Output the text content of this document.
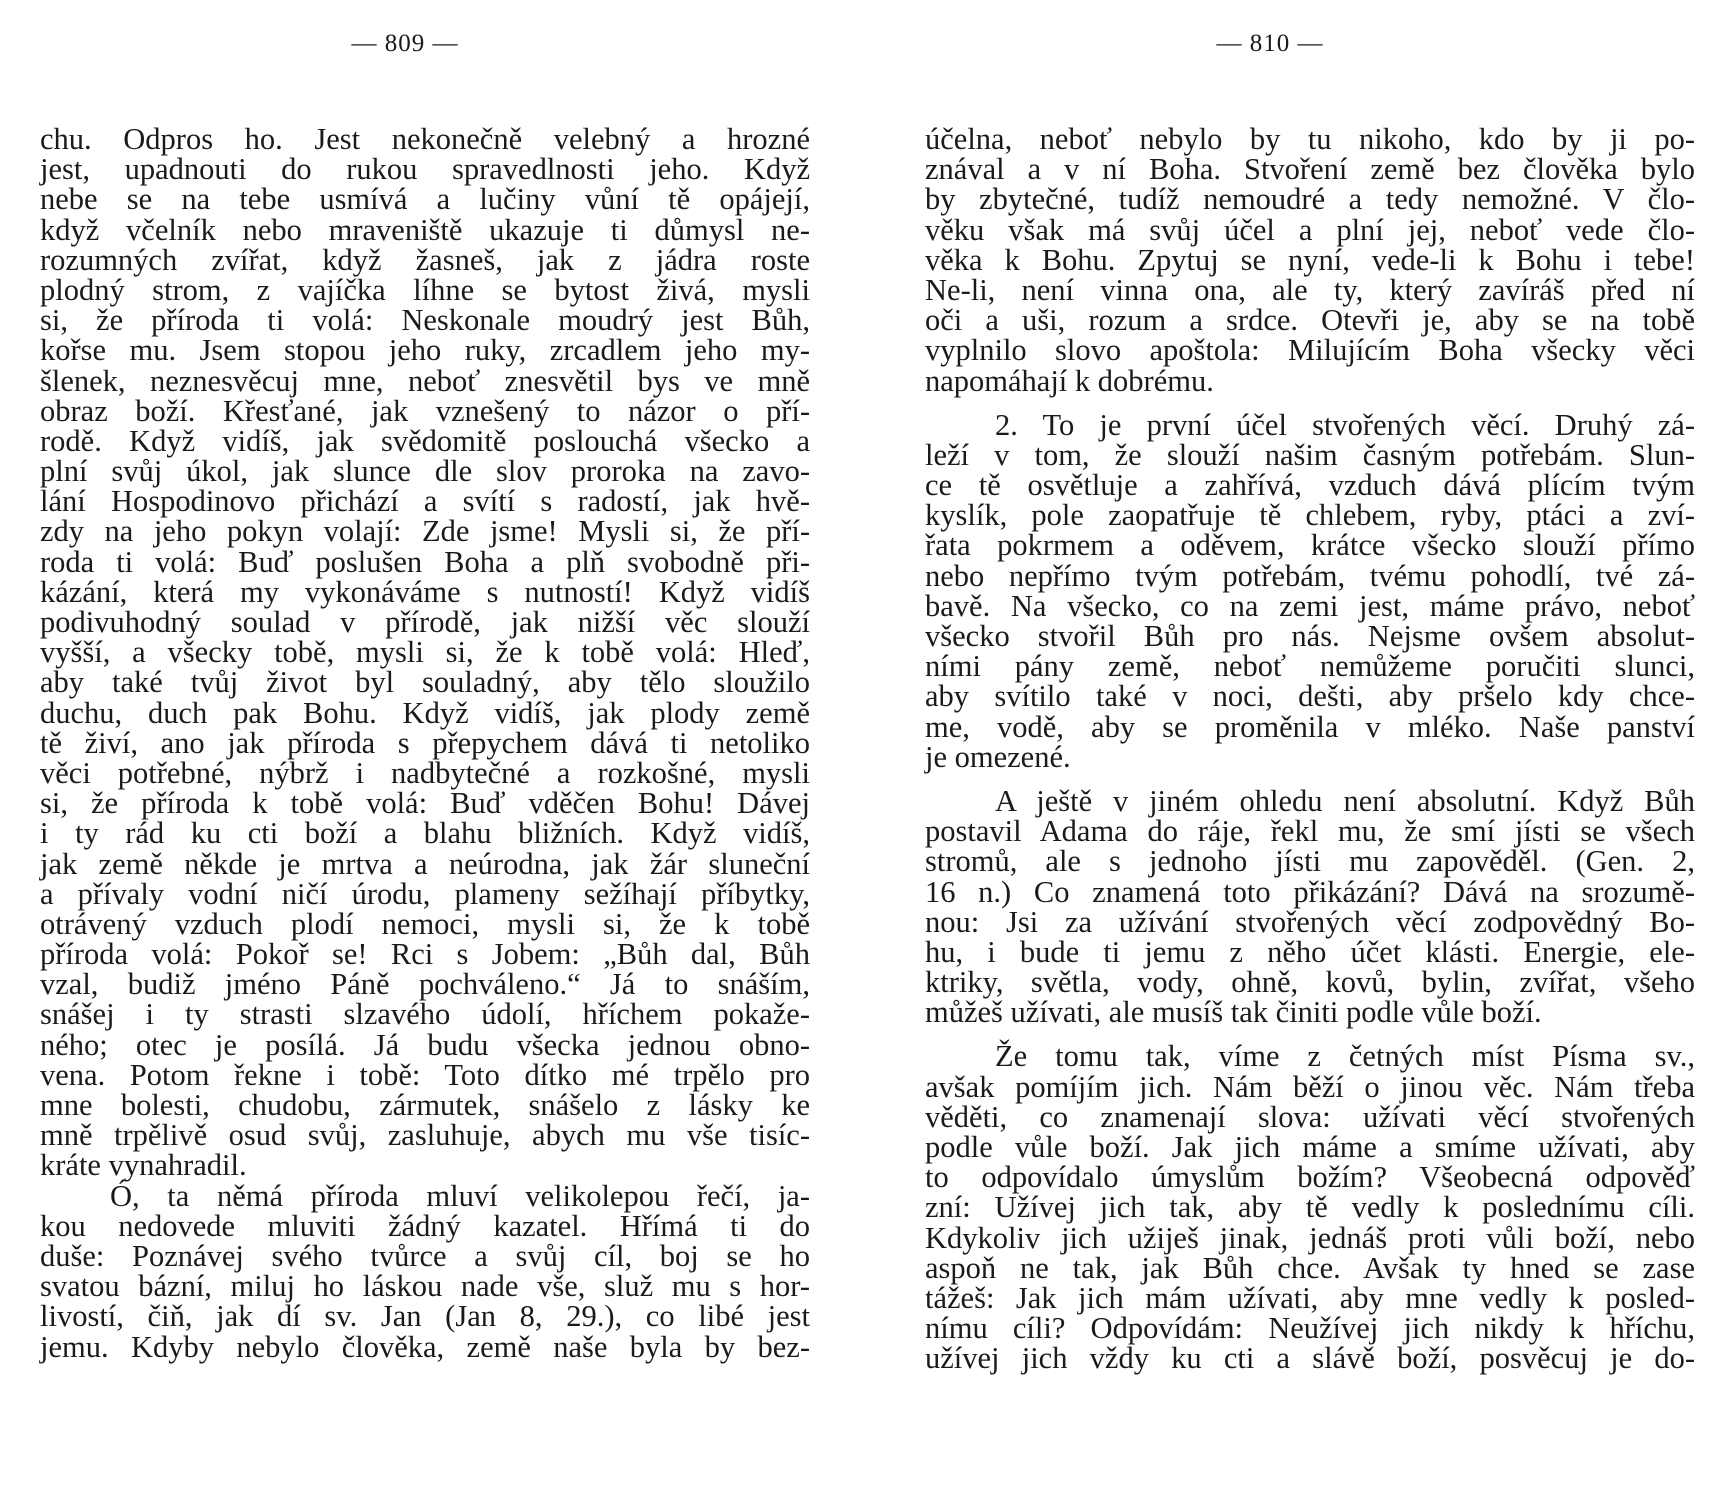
— 809 —
chu. Odpros ho. Jest nekonečně velebný a hrozné
jest, upadnouti do rukou spravedlnosti jeho. Když
nebe se na tebe usmívá a lučiny vůní tě opájejí,
když včelník nebo mraveniště ukazuje ti důmysl ne-
rozumných zvířat, když žasneš, jak z jádra roste
plodný strom, z vajíčka líhne se bytost živá, mysli
si, že příroda ti volá: Neskonale moudrý jest Bůh,
kořse mu. Jsem stopou jeho ruky, zrcadlem jeho my-
šlenek, neznesvěcuj mne, neboť znesvětil bys ve mně
obraz boží. Křesťané, jak vznešený to názor o pří-
rodě. Když vidíš, jak svědomitě poslouchá všecko a
plní svůj úkol, jak slunce dle slov proroka na zavo-
lání Hospodinovo přichází a svítí s radostí, jak hvě-
zdy na jeho pokyn volají: Zde jsme! Mysli si, že pří-
roda ti volá: Buď poslušen Boha a plň svobodně při-
kázání, která my vykonáváme s nutností! Když vidíš
podivuhodný soulad v přírodě, jak nižší věc slouží
vyšší, a všecky tobě, mysli si, že k tobě volá: Hleď,
aby také tvůj život byl souladný, aby tělo sloužilo
duchu, duch pak Bohu. Když vidíš, jak plody země
tě živí, ano jak příroda s přepychem dává ti netoliko
věci potřebné, nýbrž i nadbytečné a rozkošné, mysli
si, že příroda k tobě volá: Buď vděčen Bohu! Dávej
i ty rád ku cti boží a blahu bližních. Když vidíš,
jak země někde je mrtva a neúrodna, jak žár sluneční
a přívaly vodní ničí úrodu, plameny sežíhají příbytky,
otrávený vzduch plodí nemoci, mysli si, že k tobě
příroda volá: Pokoř se! Rci s Jobem: „Bůh dal, Bůh
vzal, budiž jméno Páně pochváleno.“ Já to snáším,
snášej i ty strasti slzavého údolí, hříchem pokaže-
ného; otec je posílá. Já budu všecka jednou obno-
vena. Potom řekne i tobě: Toto dítko mé trpělo pro
mne bolesti, chudobu, zármutek, snášelo z lásky ke
mně trpělivě osud svůj, zasluhuje, abych mu vše tisíc-
kráte vynahradil.
Ó, ta němá příroda mluví velikolepou řečí, ja-
kou nedovede mluviti žádný kazatel. Hřímá ti do
duše: Poznávej svého tvůrce a svůj cíl, boj se ho
svatou bázní, miluj ho láskou nade vše, služ mu s hor-
livostí, čiň, jak dí sv. Jan (Jan 8, 29.), co libé jest
jemu. Kdyby nebylo člověka, země naše byla by bez-
— 810 —
účelna, neboť nebylo by tu nikoho, kdo by ji po-
znával a v ní Boha. Stvoření země bez člověka bylo
by zbytečné, tudíž nemoudré a tedy nemožné. V člo-
věku však má svůj účel a plní jej, neboť vede člo-
věka k Bohu. Zpytuj se nyní, vede-li k Bohu i tebe!
Ne-li, není vinna ona, ale ty, který zavíráš před ní
oči a uši, rozum a srdce. Otevři je, aby se na tobě
vyplnilo slovo apoštola: Milujícím Boha všecky věci
napomáhají k dobrému.
2. To je první účel stvořených věcí. Druhý zá-
leží v tom, že slouží našim časným potřebám. Slun-
ce tě osvětluje a zahřívá, vzduch dává plícím tvým
kyslík, pole zaopatřuje tě chlebem, ryby, ptáci a zví-
řata pokrmem a oděvem, krátce všecko slouží přímo
nebo nepřímo tvým potřebám, tvému pohodlí, tvé zá-
bavě. Na všecko, co na zemi jest, máme právo, neboť
všecko stvořil Bůh pro nás. Nejsme ovšem absolut-
ními pány země, neboť nemůžeme poručiti slunci,
aby svítilo také v noci, dešti, aby pršelo kdy chce-
me, vodě, aby se proměnila v mléko. Naše panství
je omezené.
A ještě v jiném ohledu není absolutní. Když Bůh
postavil Adama do ráje, řekl mu, že smí jísti se všech
stromů, ale s jednoho jísti mu zapověděl. (Gen. 2,
16 n.) Co znamená toto přikázání? Dává na srozumě-
nou: Jsi za užívání stvořených věcí zodpovědný Bo-
hu, i bude ti jemu z něho účet klásti. Energie, ele-
ktriky, světla, vody, ohně, kovů, bylin, zvířat, všeho
můžeš užívati, ale musíš tak činiti podle vůle boží.
Že tomu tak, víme z četných míst Písma sv.,
avšak pomíjím jich. Nám běží o jinou věc. Nám třeba
věděti, co znamenají slova: užívati věcí stvořených
podle vůle boží. Jak jich máme a smíme užívati, aby
to odpovídalo úmyslům božím? Všeobecná odpověď
zní: Užívej jich tak, aby tě vedly k poslednímu cíli.
Kdykoliv jich užiješ jinak, jednáš proti vůli boží, nebo
aspoň ne tak, jak Bůh chce. Avšak ty hned se zase
tážeš: Jak jich mám užívati, aby mne vedly k posled-
nímu cíli? Odpovídám: Neužívej jich nikdy k hříchu,
užívej jich vždy ku cti a slávě boží, posvěcuj je do-
